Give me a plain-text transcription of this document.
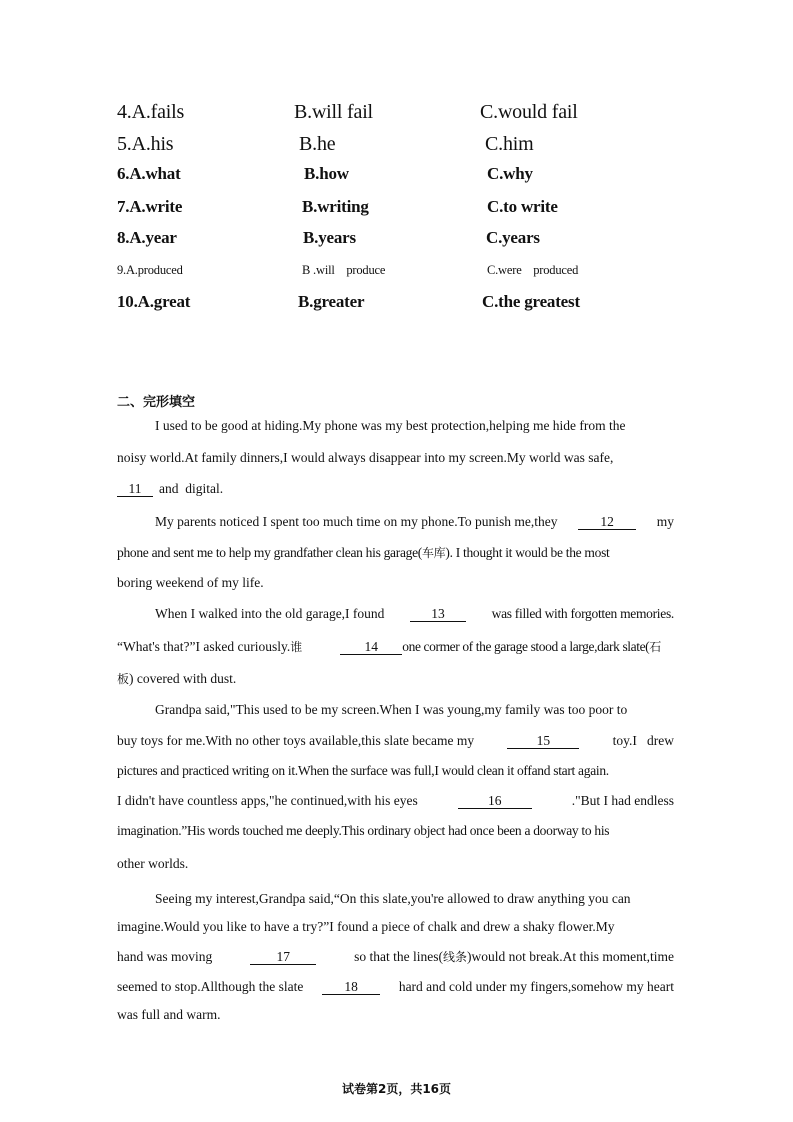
4.A.fails	B.will fail	C.would fail
5.A.his	B.he	C.him
6.A.what	B.how	C.why
7.A.write	B.writing	C.to write
8.A.year	B.years	C.years
9.A.produced	B .will    produce	C.were    produced
10.A.great	B.greater	C.the greatest
二、完形填空
I used to be good at hiding.My phone was my best protection,helping me hide from the
noisy world.At family dinners,I would always disappear into my screen.My world was safe,
11	and  digital.
My parents noticed I spent too much time on my phone.To punish me,they	12	my
phone and sent me to help my grandfather clean his garage(车库). I thought it would be the most
boring weekend of my life.
When I walked into the old garage,I found	13	was filled with forgotten memories.
“What's that?”I asked curiously. 谁	14	one cormer of the garage stood a large,dark slate( 石
板 ) covered with dust.
Grandpa said,"This used to be my screen.When I was young,my family was too poor to
buy toys for me.With no other toys available,this slate became my	15	toy.I   drew
pictures and practiced writing on it.When the surface was full,I would clean it offand start again.
I didn't have countless apps,"he continued,with his eyes	16	."But I had endless
imagination.”His words touched me deeply.This ordinary object had once been a doorway to his
other worlds.
Seeing my interest,Grandpa said,“On this slate,you're allowed to draw anything you can
imagine.Would you like to have a try?”I found a piece of chalk and drew a shaky flower.My
hand was moving	17	so that the lines(线条)would not break.At this moment,time
seemed to stop.Allthough the slate	18	hard and cold under my fingers,somehow my heart
was full and warm.
试卷第2页，共16页
